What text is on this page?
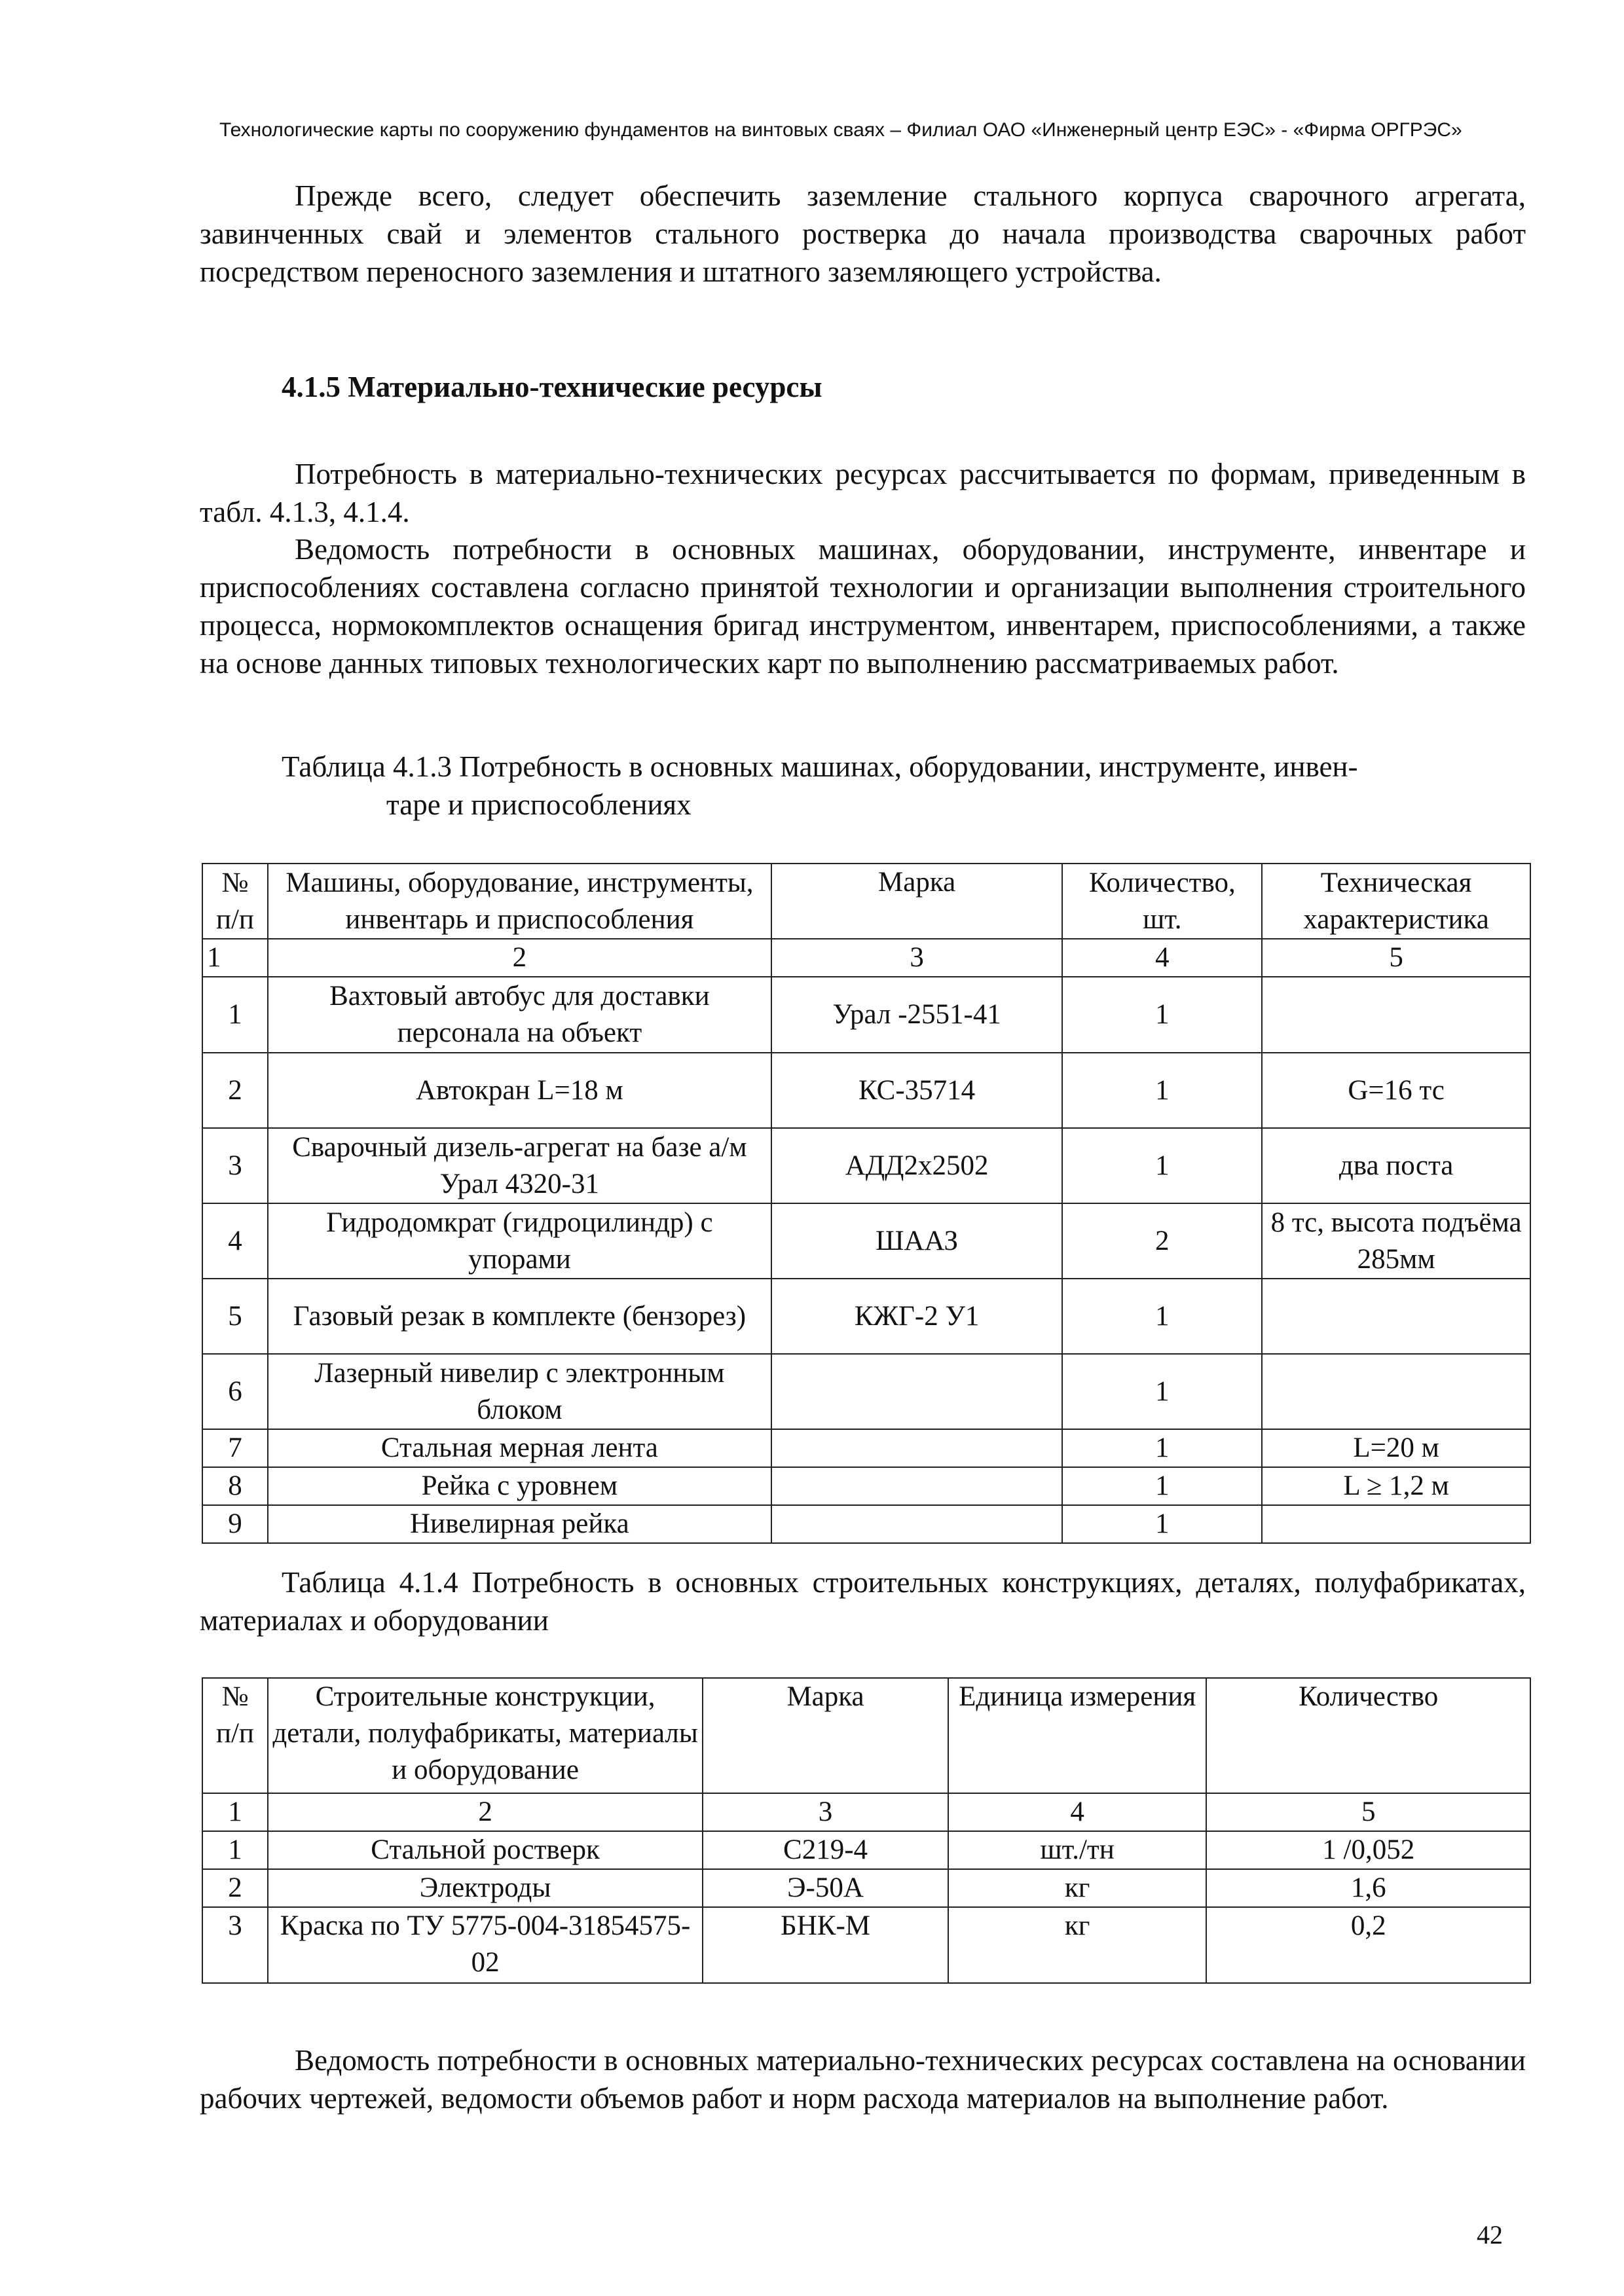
Технологические карты по сооружению фундаментов на винтовых сваях – Филиал ОАО «Инженерный центр ЕЭС» - «Фирма ОРГРЭС»
Прежде всего, следует обеспечить заземление стального корпуса сварочного агрегата, завинченных свай и элементов стального ростверка до начала производства сварочных работ посредством переносного заземления и штатного заземляющего устройства.
4.1.5 Материально-технические ресурсы
Потребность в материально-технических ресурсах рассчитывается по формам, приведенным в табл. 4.1.3, 4.1.4.
Ведомость потребности в основных машинах, оборудовании, инструменте, инвентаре и приспособлениях составлена согласно принятой технологии и организации выполнения строительного процесса, нормокомплектов оснащения бригад инструментом, инвентарем, приспособлениями, а также на основе данных типовых технологических карт по выполнению рассматриваемых работ.
Таблица 4.1.3 Потребность в основных машинах, оборудовании, инструменте, инвен-
таре и приспособлениях
№ п/п	Машины, оборудование, инструменты, инвентарь и приспособления	Марка	Количество, шт.	Техническая характеристика
1	2	3	4	5
1	Вахтовый автобус для доставки персонала на объект	Урал -2551-41	1	
2	Автокран L=18 м	КС-35714	1	G=16 тс
3	Сварочный дизель-агрегат на базе а/м Урал 4320-31	АДД2х2502	1	два поста
4	Гидродомкрат (гидроцилиндр) с упорами	ШААЗ	2	8 тс, высота подъёма 285мм
5	Газовый резак в комплекте (бензорез)	КЖГ-2 У1	1	
6	Лазерный нивелир с электронным блоком		1	
7	Стальная мерная лента		1	L=20 м
8	Рейка с уровнем		1	L ≥ 1,2 м
9	Нивелирная рейка		1	
Таблица 4.1.4 Потребность в основных строительных конструкциях, деталях, полуфабрикатах, материалах и оборудовании
№ п/п	Строительные конструкции, детали, полуфабрикаты, материалы и оборудование	Марка	Единица измерения	Количество
1	2	3	4	5
1	Стальной ростверк	С219-4	шт./тн	1 /0,052
2	Электроды	Э-50А	кг	1,6
3	Краска по ТУ 5775-004-31854575-02	БНК-М	кг	0,2
Ведомость потребности в основных материально-технических ресурсах составлена на основании рабочих чертежей, ведомости объемов работ и норм расхода материалов на выполнение работ.
42
